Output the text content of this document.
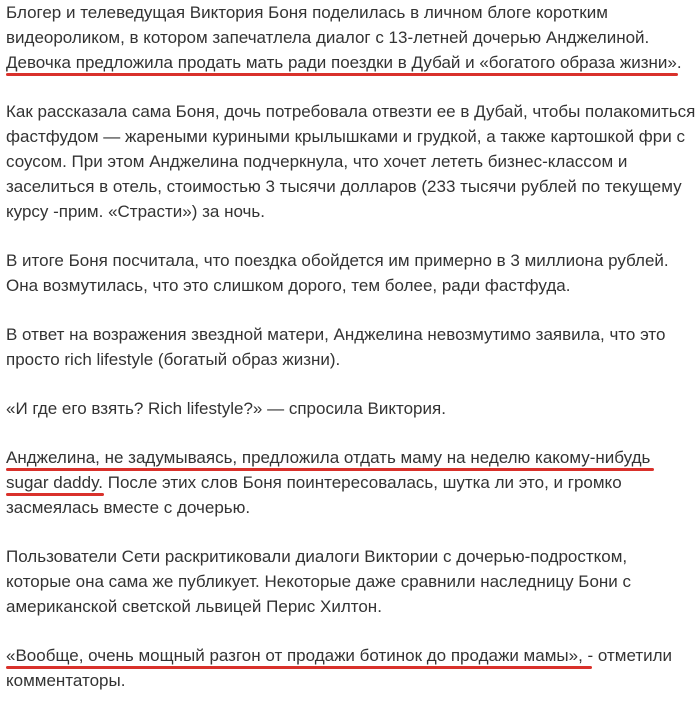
Блогер и телеведущая Виктория Боня поделилась в личном блоге коротким
видеороликом, в котором запечатлела диалог с 13-летней дочерью Анджелиной.
Девочка предложила продать мать ради поездки в Дубай и «богатого образа жизни».
Как рассказала сама Боня, дочь потребовала отвезти ее в Дубай, чтобы полакомиться
фастфудом — жареными куриными крылышками и грудкой, а также картошкой фри с
соусом. При этом Анджелина подчеркнула, что хочет лететь бизнес-классом и
заселиться в отель, стоимостью 3 тысячи долларов (233 тысячи рублей по текущему
курсу -прим. «Страсти») за ночь.
В итоге Боня посчитала, что поездка обойдется им примерно в 3 миллиона рублей.
Она возмутилась, что это слишком дорого, тем более, ради фастфуда.
В ответ на возражения звездной матери, Анджелина невозмутимо заявила, что это
просто rich lifestyle (богатый образ жизни).
«И где его взять? Rich lifestyle?» — спросила Виктория.
Анджелина, не задумываясь, предложила отдать маму на неделю какому-нибудь
sugar daddy. После этих слов Боня поинтересовалась, шутка ли это, и громко
засмеялась вместе с дочерью.
Пользователи Сети раскритиковали диалоги Виктории с дочерью-подростком,
которые она сама же публикует. Некоторые даже сравнили наследницу Бони с
американской светской львицей Перис Хилтон.
«Вообще, очень мощный разгон от продажи ботинок до продажи мамы», - отметили
комментаторы.
